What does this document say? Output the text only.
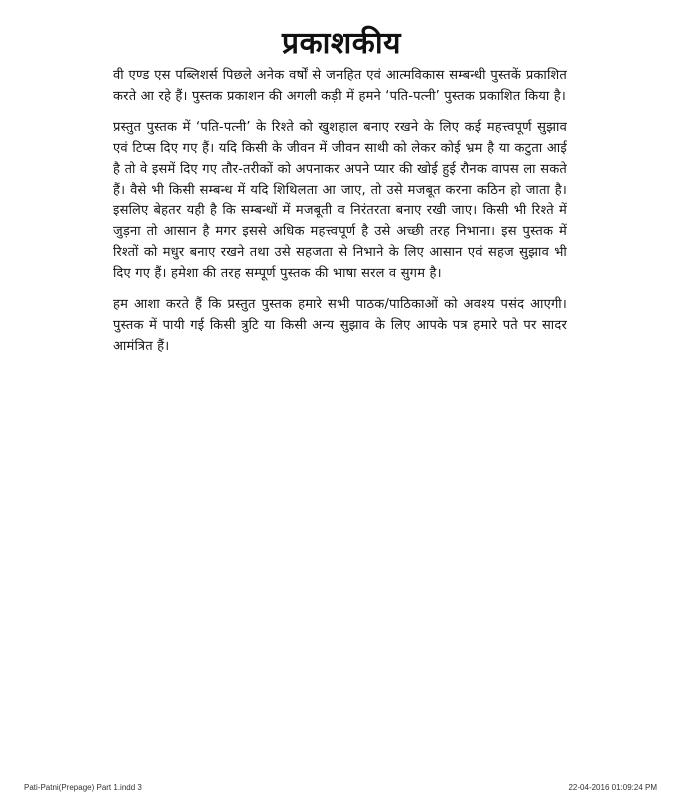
प्रकाशकीय

वी एण्ड एस पब्लिशर्स पिछले अनेक वर्षों से जनहित एवं आत्मविकास सम्बन्धी पुस्तकें प्रकाशित करते आ रहे हैं। पुस्तक प्रकाशन की अगली कड़ी में हमने ‘पति-पत्नी’ पुस्तक प्रकाशित किया है।

प्रस्तुत पुस्तक में ‘पति-पत्नी’ के रिश्ते को खुशहाल बनाए रखने के लिए कई महत्त्वपूर्ण सुझाव एवं टिप्स दिए गए हैं। यदि किसी के जीवन में जीवन साथी को लेकर कोई भ्रम है या कटुता आई है तो वे इसमें दिए गए तौर-तरीकों को अपनाकर अपने प्यार की खोई हुई रौनक वापस ला सकते हैं। वैसे भी किसी सम्बन्ध में यदि शिथिलता आ जाए, तो उसे मजबूत करना कठिन हो जाता है। इसलिए बेहतर यही है कि सम्बन्धों में मजबूती व निरंतरता बनाए रखी जाए। किसी भी रिश्ते में जुड़ना तो आसान है मगर इससे अधिक महत्त्वपूर्ण है उसे अच्छी तरह निभाना। इस पुस्तक में रिश्तों को मधुर बनाए रखने तथा उसे सहजता से निभाने के लिए आसान एवं सहज सुझाव भी दिए गए हैं। हमेशा की तरह सम्पूर्ण पुस्तक की भाषा सरल व सुगम है।

हम आशा करते हैं कि प्रस्तुत पुस्तक हमारे सभी पाठक/पाठिकाओं को अवश्य पसंद आएगी। पुस्तक में पायी गई किसी त्रुटि या किसी अन्य सुझाव के लिए आपके पत्र हमारे पते पर सादर आमंत्रित हैं।

Pati-Patni(Prepage) Part 1.indd 3	22-04-2016 01:09:24 PM
